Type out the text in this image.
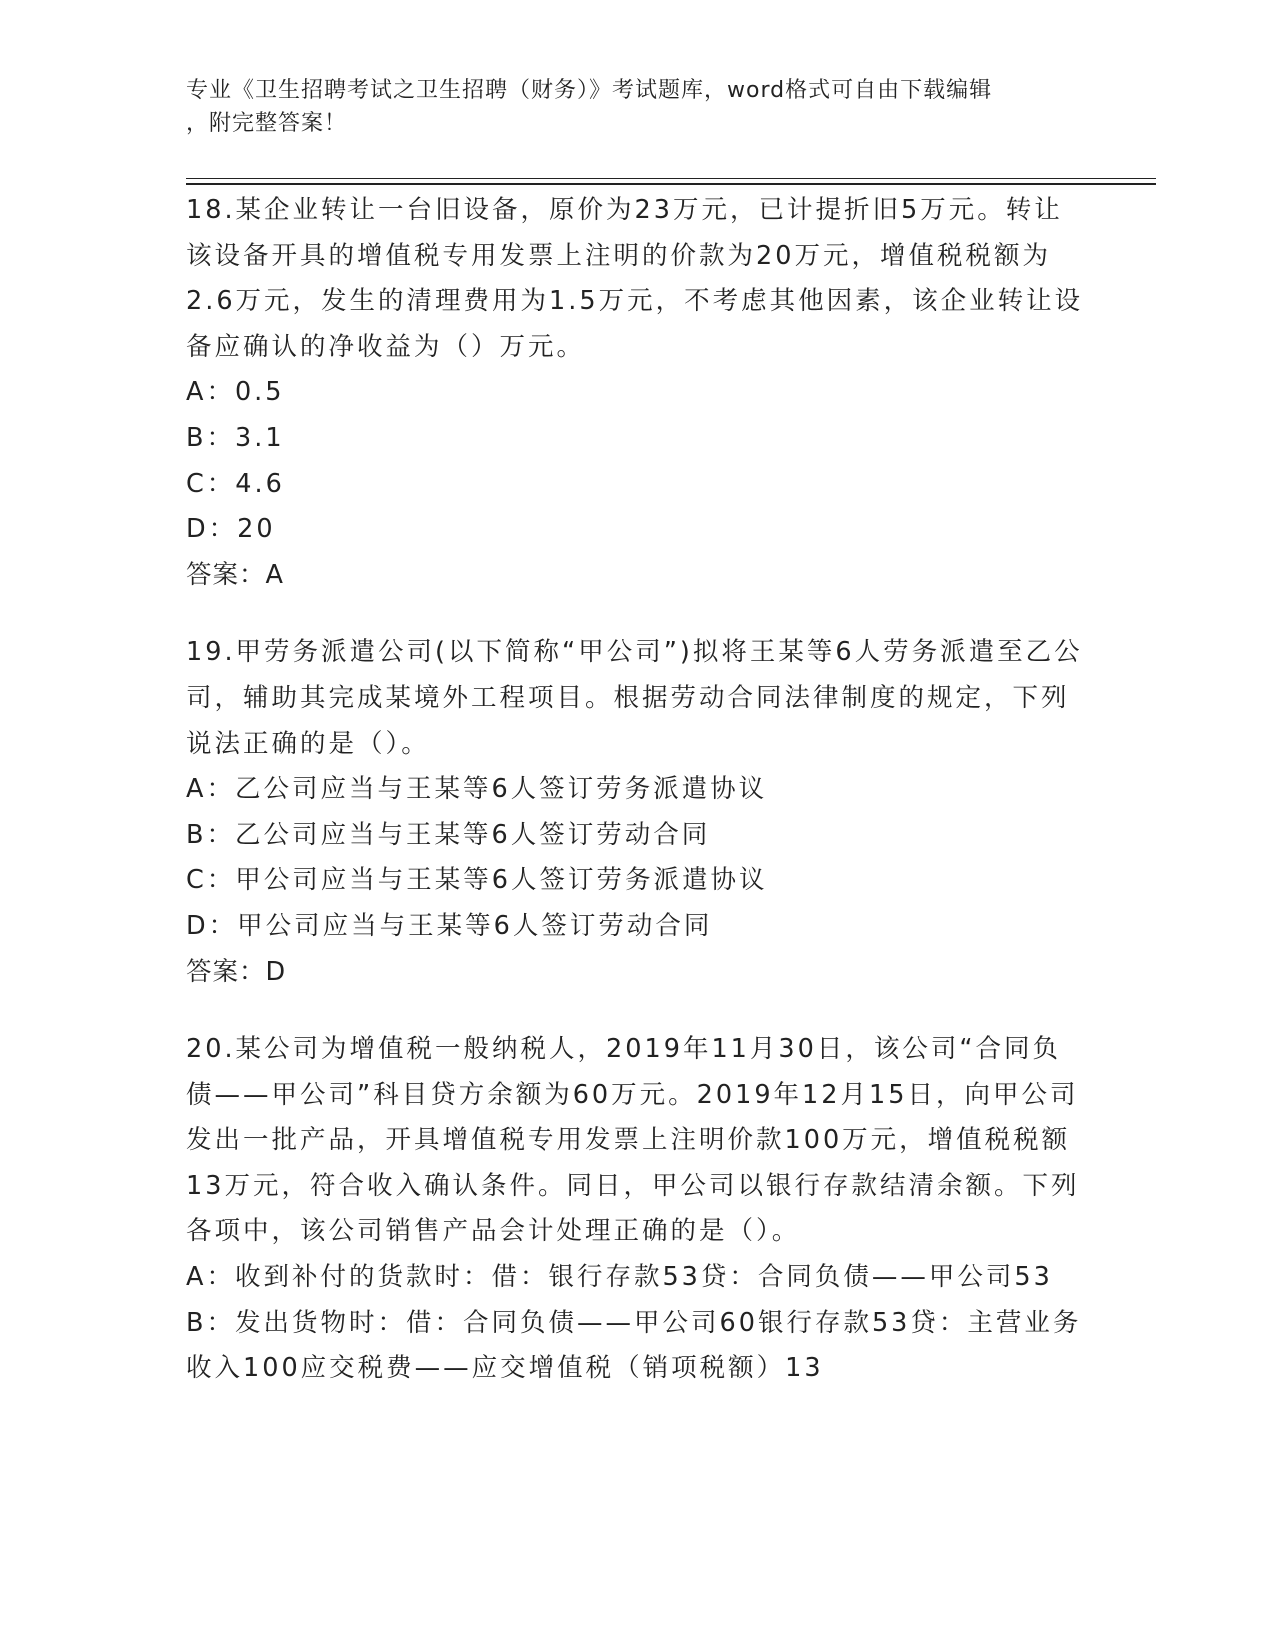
专业《卫生招聘考试之卫生招聘（财务）》考试题库，word格式可自由下载编辑
，附完整答案！

18.某企业转让一台旧设备，原价为23万元，已计提折旧5万元。转让该设备开具的增值税专用发票上注明的价款为20万元，增值税税额为2.6万元，发生的清理费用为1.5万元，不考虑其他因素，该企业转让设备应确认的净收益为（）万元。

A：0.5

B：3.1

C：4.6

D：20

答案：A

19.甲劳务派遣公司(以下简称“甲公司”)拟将王某等6人劳务派遣至乙公司，辅助其完成某境外工程项目。根据劳动合同法律制度的规定，下列说法正确的是（）。

A：乙公司应当与王某等6人签订劳务派遣协议

B：乙公司应当与王某等6人签订劳动合同

C：甲公司应当与王某等6人签订劳务派遣协议

D：甲公司应当与王某等6人签订劳动合同

答案：D

20.某公司为增值税一般纳税人，2019年11月30日，该公司“合同负债——甲公司”科目贷方余额为60万元。2019年12月15日，向甲公司发出一批产品，开具增值税专用发票上注明价款100万元，增值税税额13万元，符合收入确认条件。同日，甲公司以银行存款结清余额。下列各项中，该公司销售产品会计处理正确的是（）。

A：收到补付的货款时：借：银行存款53贷：合同负债——甲公司53

B：发出货物时：借：合同负债——甲公司60银行存款53贷：主营业务收入100应交税费——应交增值税（销项税额）13
